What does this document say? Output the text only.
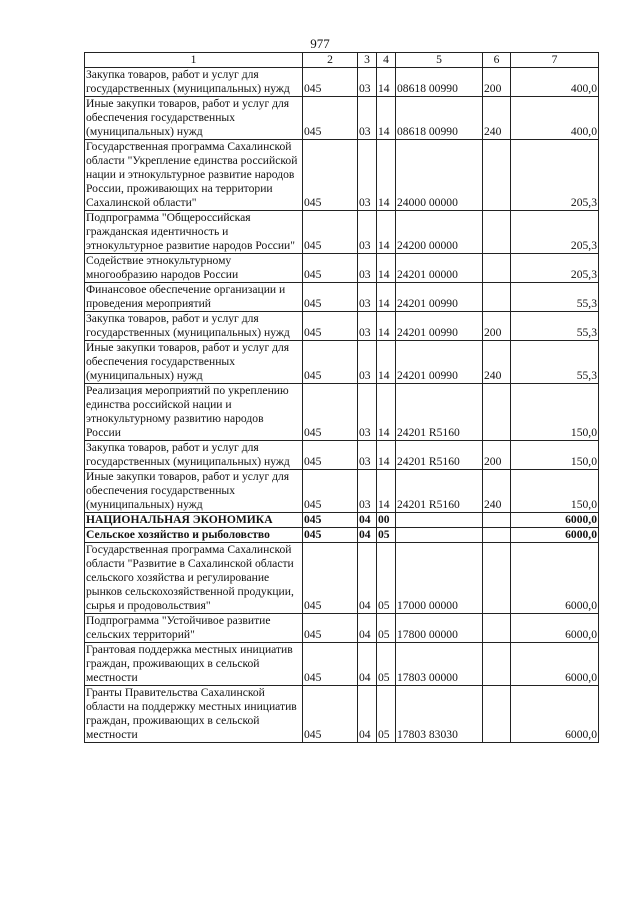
977
1	2	3	4	5	6	7
Закупка товаров, работ и услуг для государственных (муниципальных) нужд	045	03	14	08618 00990	200	400,0
Иные закупки товаров, работ и услуг для обеспечения государственных (муниципальных) нужд	045	03	14	08618 00990	240	400,0
Государственная программа Сахалинской области "Укрепление единства российской нации и этнокультурное развитие народов России, проживающих на территории Сахалинской области"	045	03	14	24000 00000		205,3
Подпрограмма "Общероссийская гражданская идентичность и этнокультурное развитие народов России"	045	03	14	24200 00000		205,3
Содействие этнокультурному многообразию народов России	045	03	14	24201 00000		205,3
Финансовое обеспечение организации и проведения мероприятий	045	03	14	24201 00990		55,3
Закупка товаров, работ и услуг для государственных (муниципальных) нужд	045	03	14	24201 00990	200	55,3
Иные закупки товаров, работ и услуг для обеспечения государственных (муниципальных) нужд	045	03	14	24201 00990	240	55,3
Реализация мероприятий по укреплению единства российской нации и этнокультурному развитию народов России	045	03	14	24201 R5160		150,0
Закупка товаров, работ и услуг для государственных (муниципальных) нужд	045	03	14	24201 R5160	200	150,0
Иные закупки товаров, работ и услуг для обеспечения государственных (муниципальных) нужд	045	03	14	24201 R5160	240	150,0
НАЦИОНАЛЬНАЯ ЭКОНОМИКА	045	04	00			6000,0
Сельское хозяйство и рыболовство	045	04	05			6000,0
Государственная программа Сахалинской области "Развитие в Сахалинской области сельского хозяйства и регулирование рынков сельскохозяйственной продукции, сырья и продовольствия"	045	04	05	17000 00000		6000,0
Подпрограмма "Устойчивое развитие сельских территорий"	045	04	05	17800 00000		6000,0
Грантовая поддержка местных инициатив граждан, проживающих в сельской местности	045	04	05	17803 00000		6000,0
Гранты Правительства Сахалинской области на поддержку местных инициатив граждан, проживающих в сельской местности	045	04	05	17803 83030		6000,0
